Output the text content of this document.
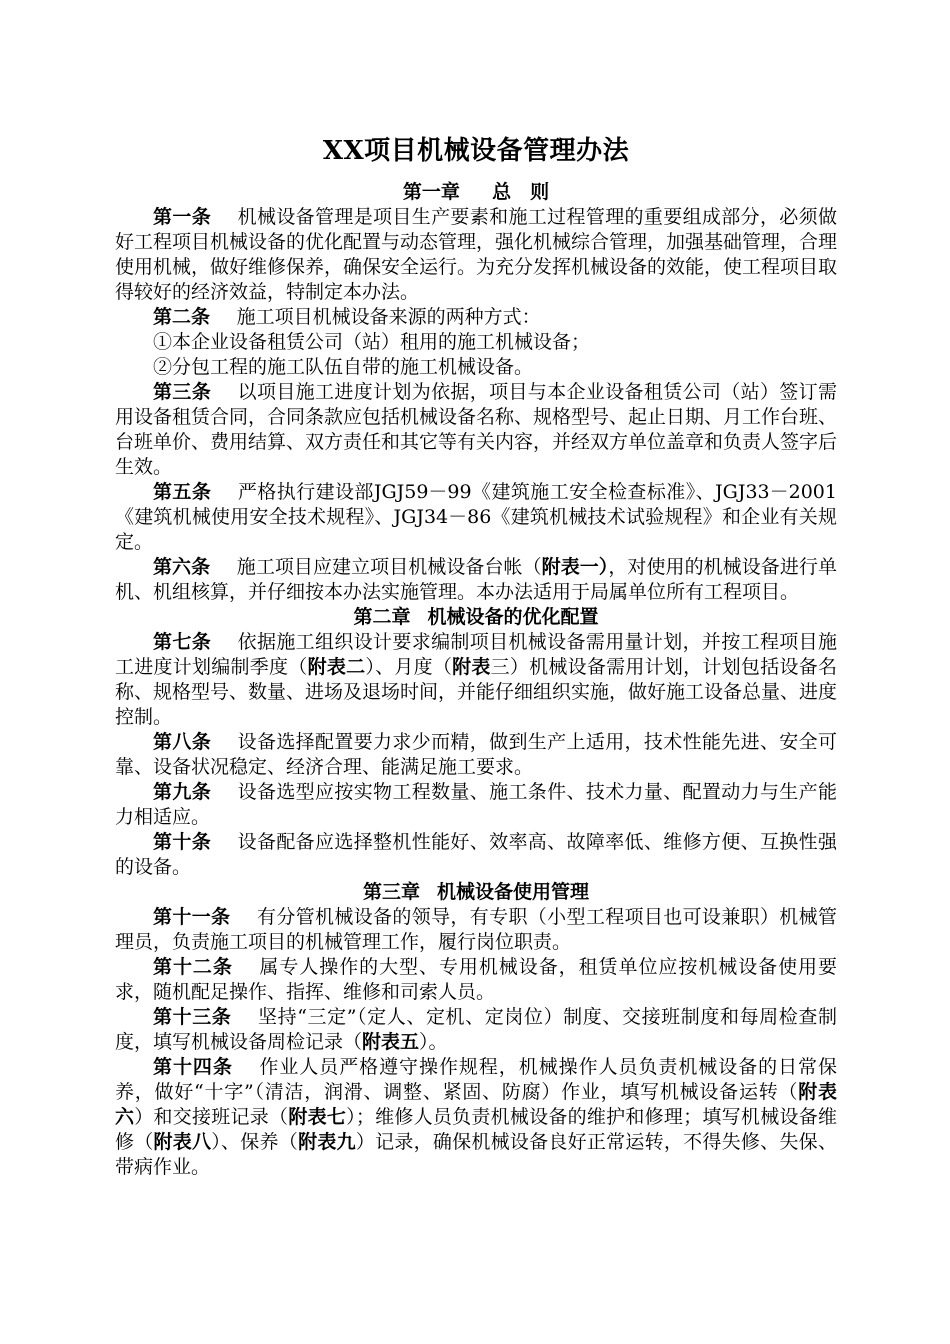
XX项目机械设备管理办法
第一章 总　则

第一条 机械设备管理是项目生产要素和施工过程管理的重要组成部分，必须做好工程项目机械设备的优化配置与动态管理，强化机械综合管理，加强基础管理，合理使用机械，做好维修保养，确保安全运行。为充分发挥机械设备的效能，使工程项目取得较好的经济效益，特制定本办法。

第二条 施工项目机械设备来源的两种方式：

①本企业设备租赁公司（站）租用的施工机械设备；

②分包工程的施工队伍自带的施工机械设备。

第三条 以项目施工进度计划为依据，项目与本企业设备租赁公司（站）签订需用设备租赁合同，合同条款应包括机械设备名称、规格型号、起止日期、月工作台班、台班单价、费用结算、双方责任和其它等有关内容，并经双方单位盖章和负责人签字后生效。

第五条 严格执行建设部JGJ59－99《建筑施工安全检查标准》、JGJ33－2001《建筑机械使用安全技术规程》、JGJ34－86《建筑机械技术试验规程》和企业有关规定。

第六条 施工项目应建立项目机械设备台帐（附表一），对使用的机械设备进行单机、机组核算，并仔细按本办法实施管理。本办法适用于局属单位所有工程项目。

第二章 机械设备的优化配置

第七条 依据施工组织设计要求编制项目机械设备需用量计划，并按工程项目施工进度计划编制季度（附表二）、月度（附表三）机械设备需用计划，计划包括设备名称、规格型号、数量、进场及退场时间，并能仔细组织实施，做好施工设备总量、进度控制。

第八条 设备选择配置要力求少而精，做到生产上适用，技术性能先进、安全可靠、设备状况稳定、经济合理、能满足施工要求。

第九条 设备选型应按实物工程数量、施工条件、技术力量、配置动力与生产能力相适应。

第十条 设备配备应选择整机性能好、效率高、故障率低、维修方便、互换性强的设备。

第三章 机械设备使用管理

第十一条 有分管机械设备的领导，有专职（小型工程项目也可设兼职）机械管理员，负责施工项目的机械管理工作，履行岗位职责。

第十二条 属专人操作的大型、专用机械设备，租赁单位应按机械设备使用要求，随机配足操作、指挥、维修和司索人员。

第十三条 坚持“三定”（定人、定机、定岗位）制度、交接班制度和每周检查制度，填写机械设备周检记录（附表五）。

第十四条 作业人员严格遵守操作规程，机械操作人员负责机械设备的日常保养，做好“十字”（清洁，润滑、调整、紧固、防腐）作业，填写机械设备运转（附表六）和交接班记录（附表七）；维修人员负责机械设备的维护和修理；填写机械设备维修（附表八）、保养（附表九）记录，确保机械设备良好正常运转，不得失修、失保、带病作业。
